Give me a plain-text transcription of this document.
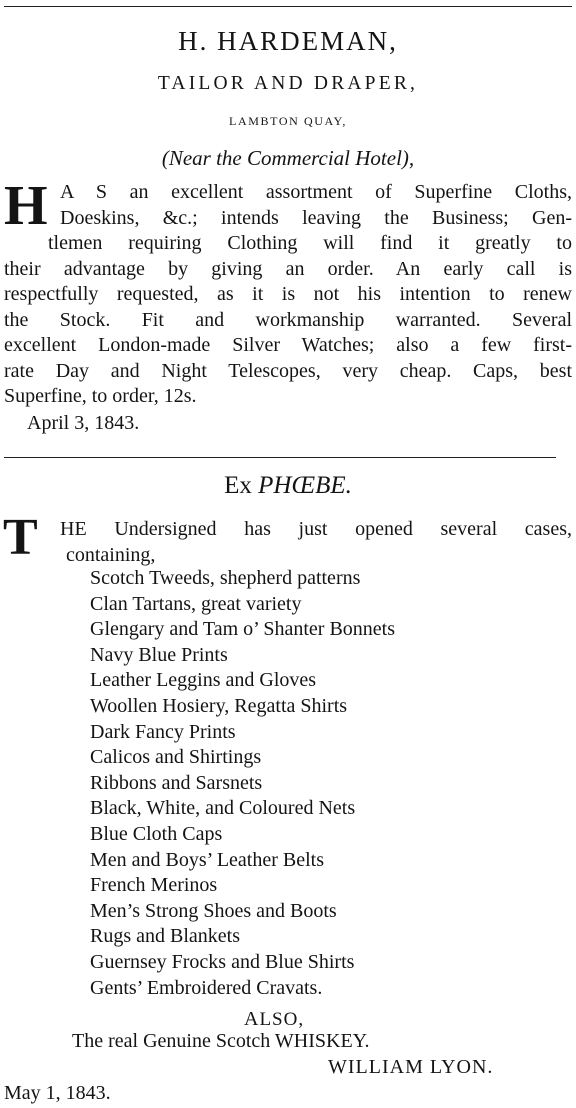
H. HARDEMAN,
TAILOR AND DRAPER,
LAMBTON QUAY,
(Near the Commercial Hotel),
H A S an excellent assortment of Superfine Cloths,
Doeskins, &c.; intends leaving the Business; Gen-
tlemen requiring Clothing will find it greatly to
their advantage by giving an order. An early call is
respectfully requested, as it is not his intention to renew
the Stock. Fit and workmanship warranted. Several
excellent London-made Silver Watches; also a few first-
rate Day and Night Telescopes, very cheap. Caps, best
Superfine, to order, 12s.
April 3, 1843.
Ex PHŒBE.
T	HE Undersigned has just opened several cases,
containing,
Scotch Tweeds, shepherd patterns
Clan Tartans, great variety
Glengary and Tam o’ Shanter Bonnets
Navy Blue Prints
Leather Leggins and Gloves
Woollen Hosiery, Regatta Shirts
Dark Fancy Prints
Calicos and Shirtings
Ribbons and Sarsnets
Black, White, and Coloured Nets
Blue Cloth Caps
Men and Boys’ Leather Belts
French Merinos
Men’s Strong Shoes and Boots
Rugs and Blankets
Guernsey Frocks and Blue Shirts
Gents’ Embroidered Cravats.
ALSO,
The real Genuine Scotch WHISKEY.
WILLIAM LYON.
May 1, 1843.
